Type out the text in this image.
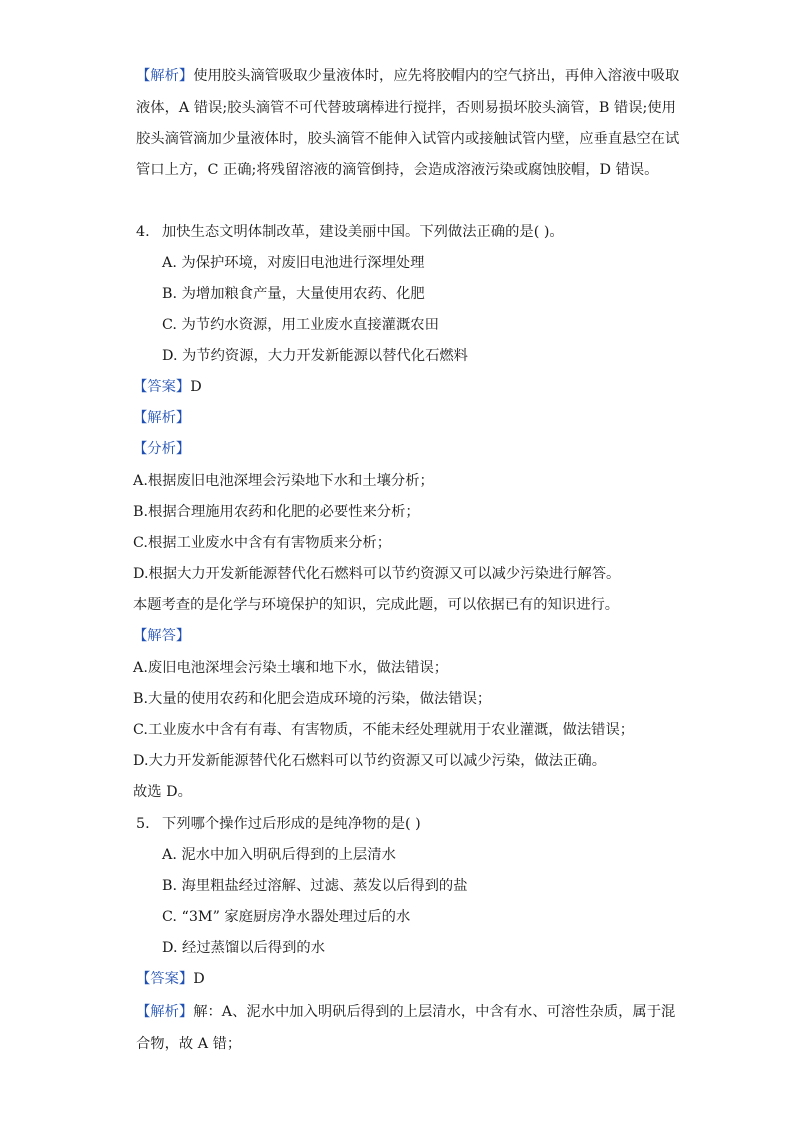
【解析】使用胶头滴管吸取少量液体时，应先将胶帽内的空气挤出，再伸入溶液中吸取
液体，A 错误;胶头滴管不可代替玻璃棒进行搅拌，否则易损坏胶头滴管，B 错误;使用
胶头滴管滴加少量液体时，胶头滴管不能伸入试管内或接触试管内壁，应垂直悬空在试
管口上方，C 正确;将残留溶液的滴管倒持，会造成溶液污染或腐蚀胶帽，D 错误。
4. 加快生态文明体制改革，建设美丽中国。下列做法正确的是( )。
A. 为保护环境，对废旧电池进行深埋处理
B. 为增加粮食产量，大量使用农药、化肥
C. 为节约水资源，用工业废水直接灌溉农田
D. 为节约资源，大力开发新能源以替代化石燃料
【答案】D
【解析】
【分析】
A.根据废旧电池深埋会污染地下水和土壤分析；
B.根据合理施用农药和化肥的必要性来分析；
C.根据工业废水中含有有害物质来分析；
D.根据大力开发新能源替代化石燃料可以节约资源又可以减少污染进行解答。
本题考查的是化学与环境保护的知识，完成此题，可以依据已有的知识进行。
【解答】
A.废旧电池深埋会污染土壤和地下水，做法错误；
B.大量的使用农药和化肥会造成环境的污染，做法错误；
C.工业废水中含有有毒、有害物质，不能未经处理就用于农业灌溉，做法错误；
D.大力开发新能源替代化石燃料可以节约资源又可以减少污染，做法正确。
故选 D。
5. 下列哪个操作过后形成的是纯净物的是( )
A. 泥水中加入明矾后得到的上层清水
B. 海里粗盐经过溶解、过滤、蒸发以后得到的盐
C. “3M” 家庭厨房净水器处理过后的水
D. 经过蒸馏以后得到的水
【答案】D
【解析】解：A、泥水中加入明矾后得到的上层清水，中含有水、可溶性杂质，属于混
合物，故 A 错；
